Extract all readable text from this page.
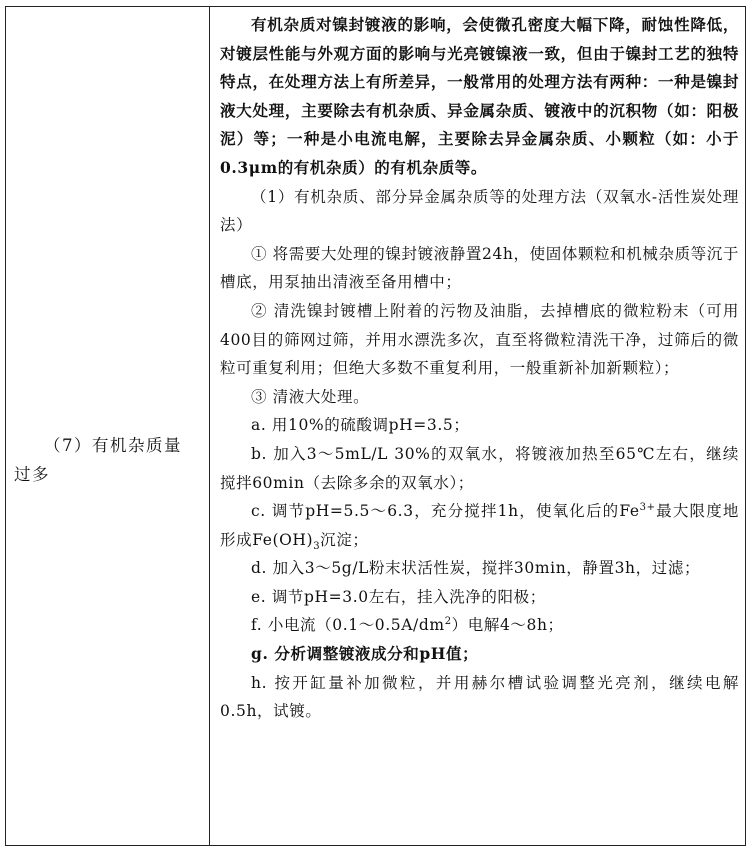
（7）有机杂质量
过多

有机杂质对镍封镀液的影响，会使微孔密度大幅下降，耐蚀性降低，对镀层性能与外观方面的影响与光亮镀镍液一致，但由于镍封工艺的独特特点，在处理方法上有所差异，一般常用的处理方法有两种：一种是镍封液大处理，主要除去有机杂质、异金属杂质、镀液中的沉积物（如：阳极泥）等；一种是小电流电解，主要除去异金属杂质、小颗粒（如：小于0.3μm的有机杂质）的有机杂质等。

（1）有机杂质、部分异金属杂质等的处理方法（双氧水-活性炭处理法）

① 将需要大处理的镍封镀液静置24h，使固体颗粒和机械杂质等沉于槽底，用泵抽出清液至备用槽中；

② 清洗镍封镀槽上附着的污物及油脂，去掉槽底的微粒粉末（可用400目的筛网过筛，并用水漂洗多次，直至将微粒清洗干净，过筛后的微粒可重复利用；但绝大多数不重复利用，一般重新补加新颗粒）；

③ 清液大处理。

a. 用10%的硫酸调pH=3.5；

b. 加入3～5mL/L 30%的双氧水，将镀液加热至65℃左右，继续搅拌60min（去除多余的双氧水）；

c. 调节pH=5.5～6.3，充分搅拌1h，使氧化后的$Fe^{3+}$最大限度地形成$Fe(OH)_3$沉淀；

d. 加入3～5g/L粉末状活性炭，搅拌30min，静置3h，过滤；

e. 调节pH=3.0左右，挂入洗净的阳极；

f. 小电流$(0.1\sim 0.5A/dm^2)$电解4～8h；

g. 分析调整镀液成分和pH值；

h. 按开缸量补加微粒，并用赫尔槽试验调整光亮剂，继续电解0.5h，试镀。
